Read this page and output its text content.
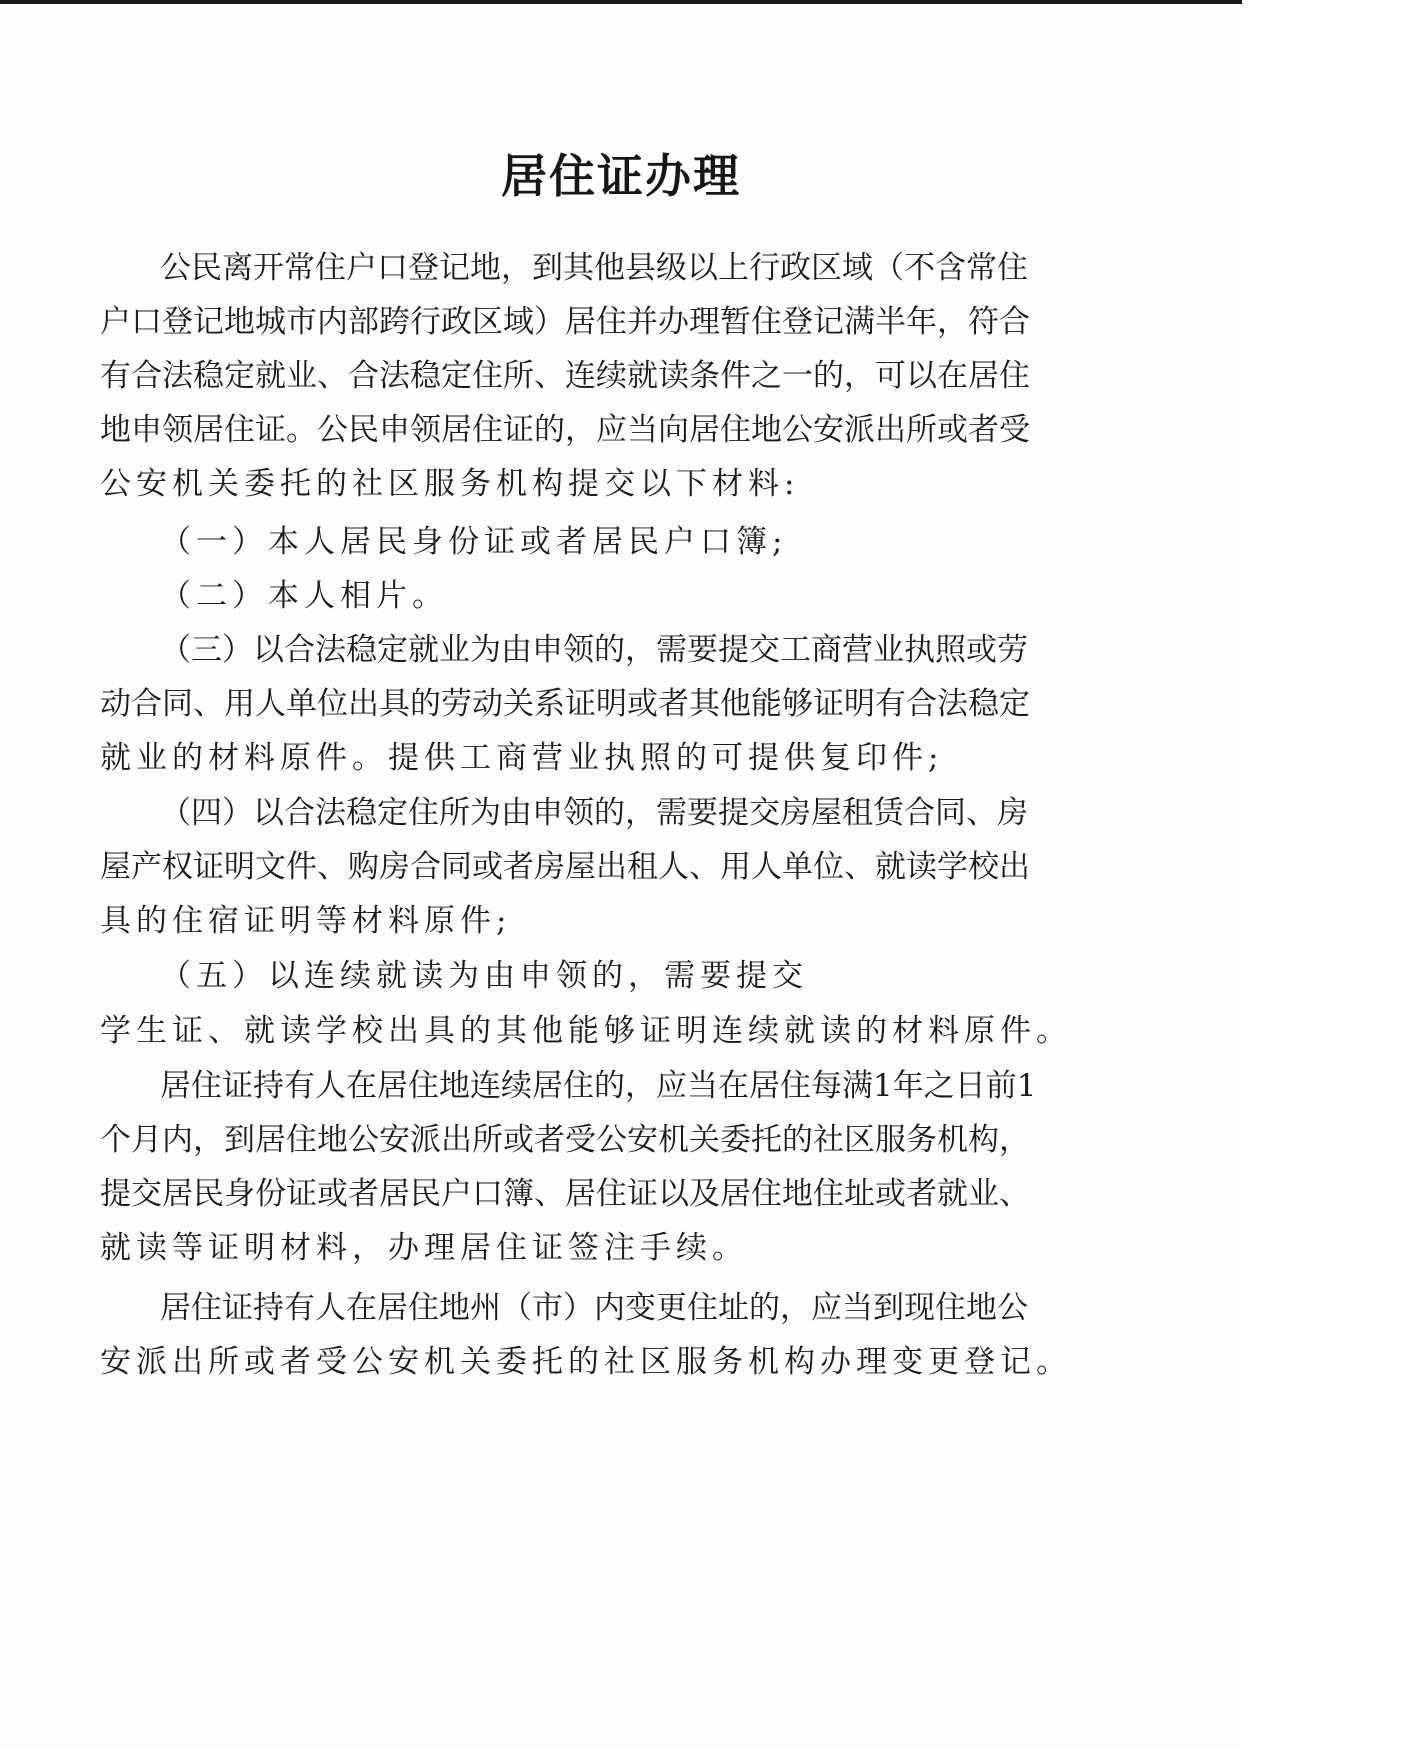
居住证办理

公 民 离 开 常 住 户 口 登 记 地 ， 到 其 他 县 级 以 上 行 政 区 域 （ 不 含 常 住

户 口 登 记 地 城 市 内 部 跨 行 政 区 域 ） 居 住 并 办 理 暂 住 登 记 满 半 年 ， 符 合

有 合 法 稳 定 就 业 、 合 法 稳 定 住 所 、 连 续 就 读 条 件 之 一 的 ， 可 以 在 居 住

地 申 领 居 住 证 。 公 民 申 领 居 住 证 的 ， 应 当 向 居 住 地 公 安 派 出 所 或 者 受

公安机关委托的社区服务机构提交以下材料:

（一）本人居民身份证或者居民户口簿;

（二）本人相片。

（ 三 ） 以 合 法 稳 定 就 业 为 由 申 领 的 ， 需 要 提 交 工 商 营 业 执 照 或 劳

动 合 同 、 用 人 单 位 出 具 的 劳 动 关 系 证 明 或 者 其 他 能 够 证 明 有 合 法 稳 定

就业的材料原件。提供工商营业执照的可提供复印件;

（ 四 ） 以 合 法 稳 定 住 所 为 由 申 领 的 ， 需 要 提 交 房 屋 租 赁 合 同 、 房

屋 产 权 证 明 文 件 、 购 房 合 同 或 者 房 屋 出 租 人 、 用 人 单 位 、 就 读 学 校 出

具的住宿证明等材料原件;

（五）以连续就读为由申领的，需要提交

学生证、就读学校出具的其他能够证明连续就读的材料原件。

居 住 证 持 有 人 在 居 住 地 连 续 居 住 的 ， 应 当 在 居 住 每 满 1 年 之 日 前 1

个 月 内 ， 到 居 住 地 公 安 派 出 所 或 者 受 公 安 机 关 委 托 的 社 区 服 务 机 构 ，

提 交 居 民 身 份 证 或 者 居 民 户 口 簿 、 居 住 证 以 及 居 住 地 住 址 或 者 就 业 、

就读等证明材料，办理居住证签注手续。

居 住 证 持 有 人 在 居 住 地 州 （ 市 ） 内 变 更 住 址 的 ， 应 当 到 现 住 地 公

安派出所或者受公安机关委托的社区服务机构办理变更登记。
